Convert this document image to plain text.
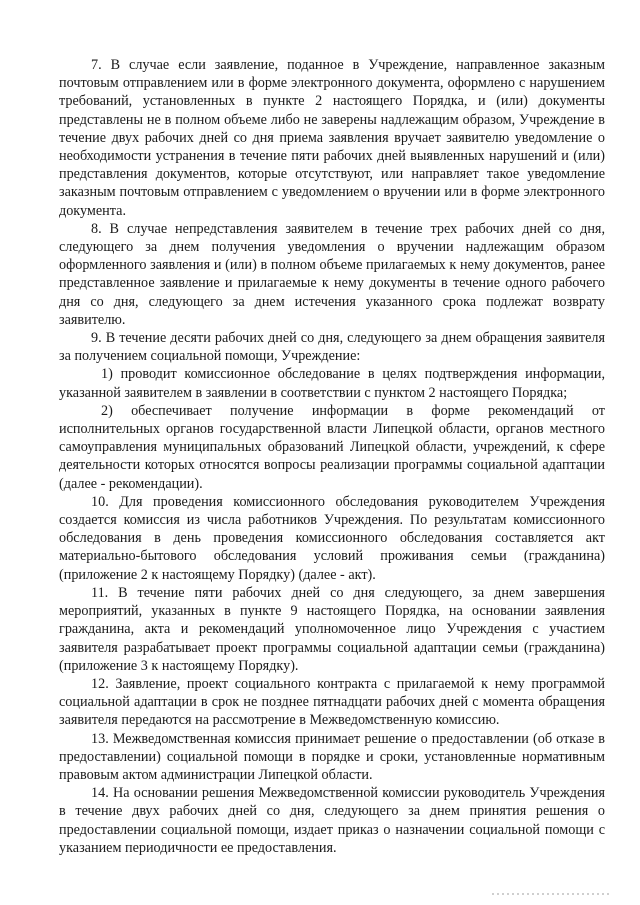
7. В случае если заявление, поданное в Учреждение, направленное заказным почтовым отправлением или в форме электронного документа, оформлено с нарушением требований, установленных в пункте 2 настоящего Порядка, и (или) документы представлены не в полном объеме либо не заверены надлежащим образом, Учреждение в течение двух рабочих дней со дня приема заявления вручает заявителю уведомление о необходимости устранения в течение пяти рабочих дней выявленных нарушений и (или) представления документов, которые отсутствуют, или направляет такое уведомление заказным почтовым отправлением с уведомлением о вручении или в форме электронного документа.

8. В случае непредставления заявителем в течение трех рабочих дней со дня, следующего за днем получения уведомления о вручении надлежащим образом оформленного заявления и (или) в полном объеме прилагаемых к нему документов, ранее представленное заявление и прилагаемые к нему документы в течение одного рабочего дня со дня, следующего за днем истечения указанного срока подлежат возврату заявителю.

9. В течение десяти рабочих дней со дня, следующего за днем обращения заявителя за получением социальной помощи, Учреждение:

1) проводит комиссионное обследование в целях подтверждения информации, указанной заявителем в заявлении в соответствии с пунктом 2 настоящего Порядка;

2) обеспечивает получение информации в форме рекомендаций от исполнительных органов государственной власти Липецкой области, органов местного самоуправления муниципальных образований Липецкой области, учреждений, к сфере деятельности которых относятся вопросы реализации программы социальной адаптации (далее - рекомендации).

10. Для проведения комиссионного обследования руководителем Учреждения создается комиссия из числа работников Учреждения. По результатам комиссионного обследования в день проведения комиссионного обследования составляется акт материально-бытового обследования условий проживания семьи (гражданина) (приложение 2 к настоящему Порядку) (далее - акт).

11. В течение пяти рабочих дней со дня следующего, за днем завершения мероприятий, указанных в пункте 9 настоящего Порядка, на основании заявления гражданина, акта и рекомендаций уполномоченное лицо Учреждения с участием заявителя разрабатывает проект программы социальной адаптации семьи (гражданина) (приложение 3 к настоящему Порядку).

12. Заявление, проект социального контракта с прилагаемой к нему программой социальной адаптации в срок не позднее пятнадцати рабочих дней с момента обращения заявителя передаются на рассмотрение в Межведомственную комиссию.

13. Межведомственная комиссия принимает решение о предоставлении (об отказе в предоставлении) социальной помощи в порядке и сроки, установленные нормативным правовым актом администрации Липецкой области.

14. На основании решения Межведомственной комиссии руководитель Учреждения в течение двух рабочих дней со дня, следующего за днем принятия решения о предоставлении социальной помощи, издает приказ о назначении социальной помощи с указанием периодичности ее предоставления.
